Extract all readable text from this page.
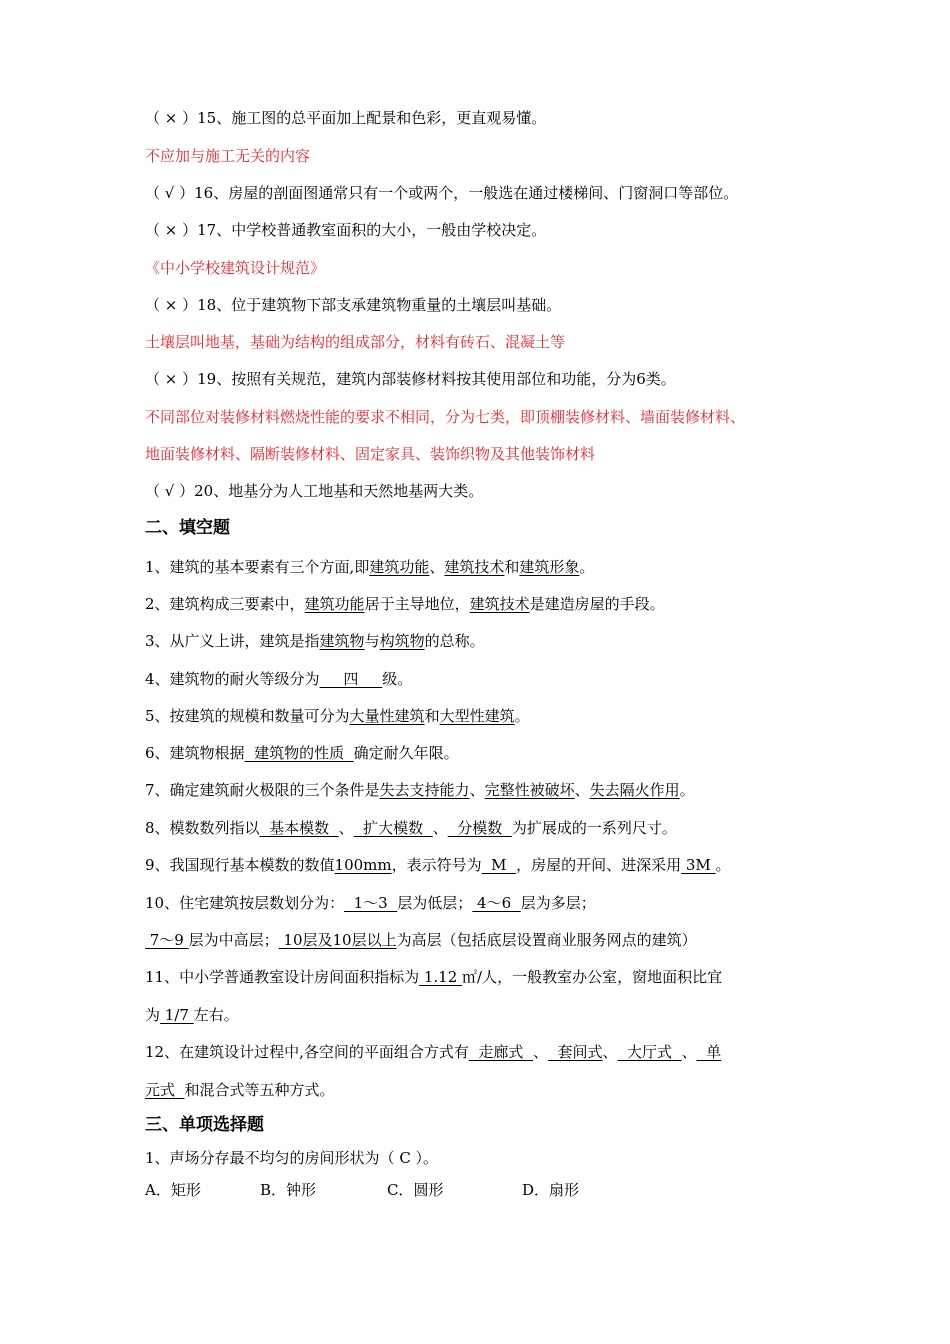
（ × ）15、施工图的总平面加上配景和色彩，更直观易懂。
不应加与施工无关的内容
（ √ ）16、房屋的剖面图通常只有一个或两个，一般选在通过楼梯间、门窗洞口等部位。
（ × ）17、中学校普通教室面积的大小，一般由学校决定。
《中小学校建筑设计规范》
（ × ）18、位于建筑物下部支承建筑物重量的土壤层叫基础。
土壤层叫地基，基础为结构的组成部分，材料有砖石、混凝土等
（ × ）19、按照有关规范，建筑内部装修材料按其使用部位和功能，分为6类。
不同部位对装修材料燃烧性能的要求不相同，分为七类，即顶棚装修材料、墙面装修材料、
地面装修材料、隔断装修材料、固定家具、装饰织物及其他装饰材料
（ √ ）20、地基分为人工地基和天然地基两大类。
二、填空题
1、建筑的基本要素有三个方面,即建筑功能、建筑技术和建筑形象。
2、建筑构成三要素中，建筑功能居于主导地位，建筑技术是建造房屋的手段。
3、从广义上讲，建筑是指建筑物与构筑物的总称。
4、建筑物的耐火等级分为     四     级。
5、按建筑的规模和数量可分为大量性建筑和大型性建筑。
6、建筑物根据  建筑物的性质  确定耐久年限。
7、确定建筑耐火极限的三个条件是失去支持能力、完整性被破坏、失去隔火作用。
8、模数数列指以  基本模数  、  扩大模数  、  分模数  为扩展成的一系列尺寸。
9、我国现行基本模数的数值100mm，表示符号为  M  ，房屋的开间、进深采用 3M 。
10、住宅建筑按层数划分为：  1～3  层为低层； 4～6  层为多层；
7～9 层为中高层； 10层及10层以上为高层（包括底层设置商业服务网点的建筑）
11、中小学普通教室设计房间面积指标为 1.12 ㎡/人，一般教室办公室，窗地面积比宜
为 1/7 左右。
12、在建筑设计过程中,各空间的平面组合方式有  走廊式  、  套间式、  大厅式  、  单
元式  和混合式等五种方式。
三、单项选择题
1、声场分存最不均匀的房间形状为（ C ）。
A．矩形	B．钟形	C．圆形	D．扇形
